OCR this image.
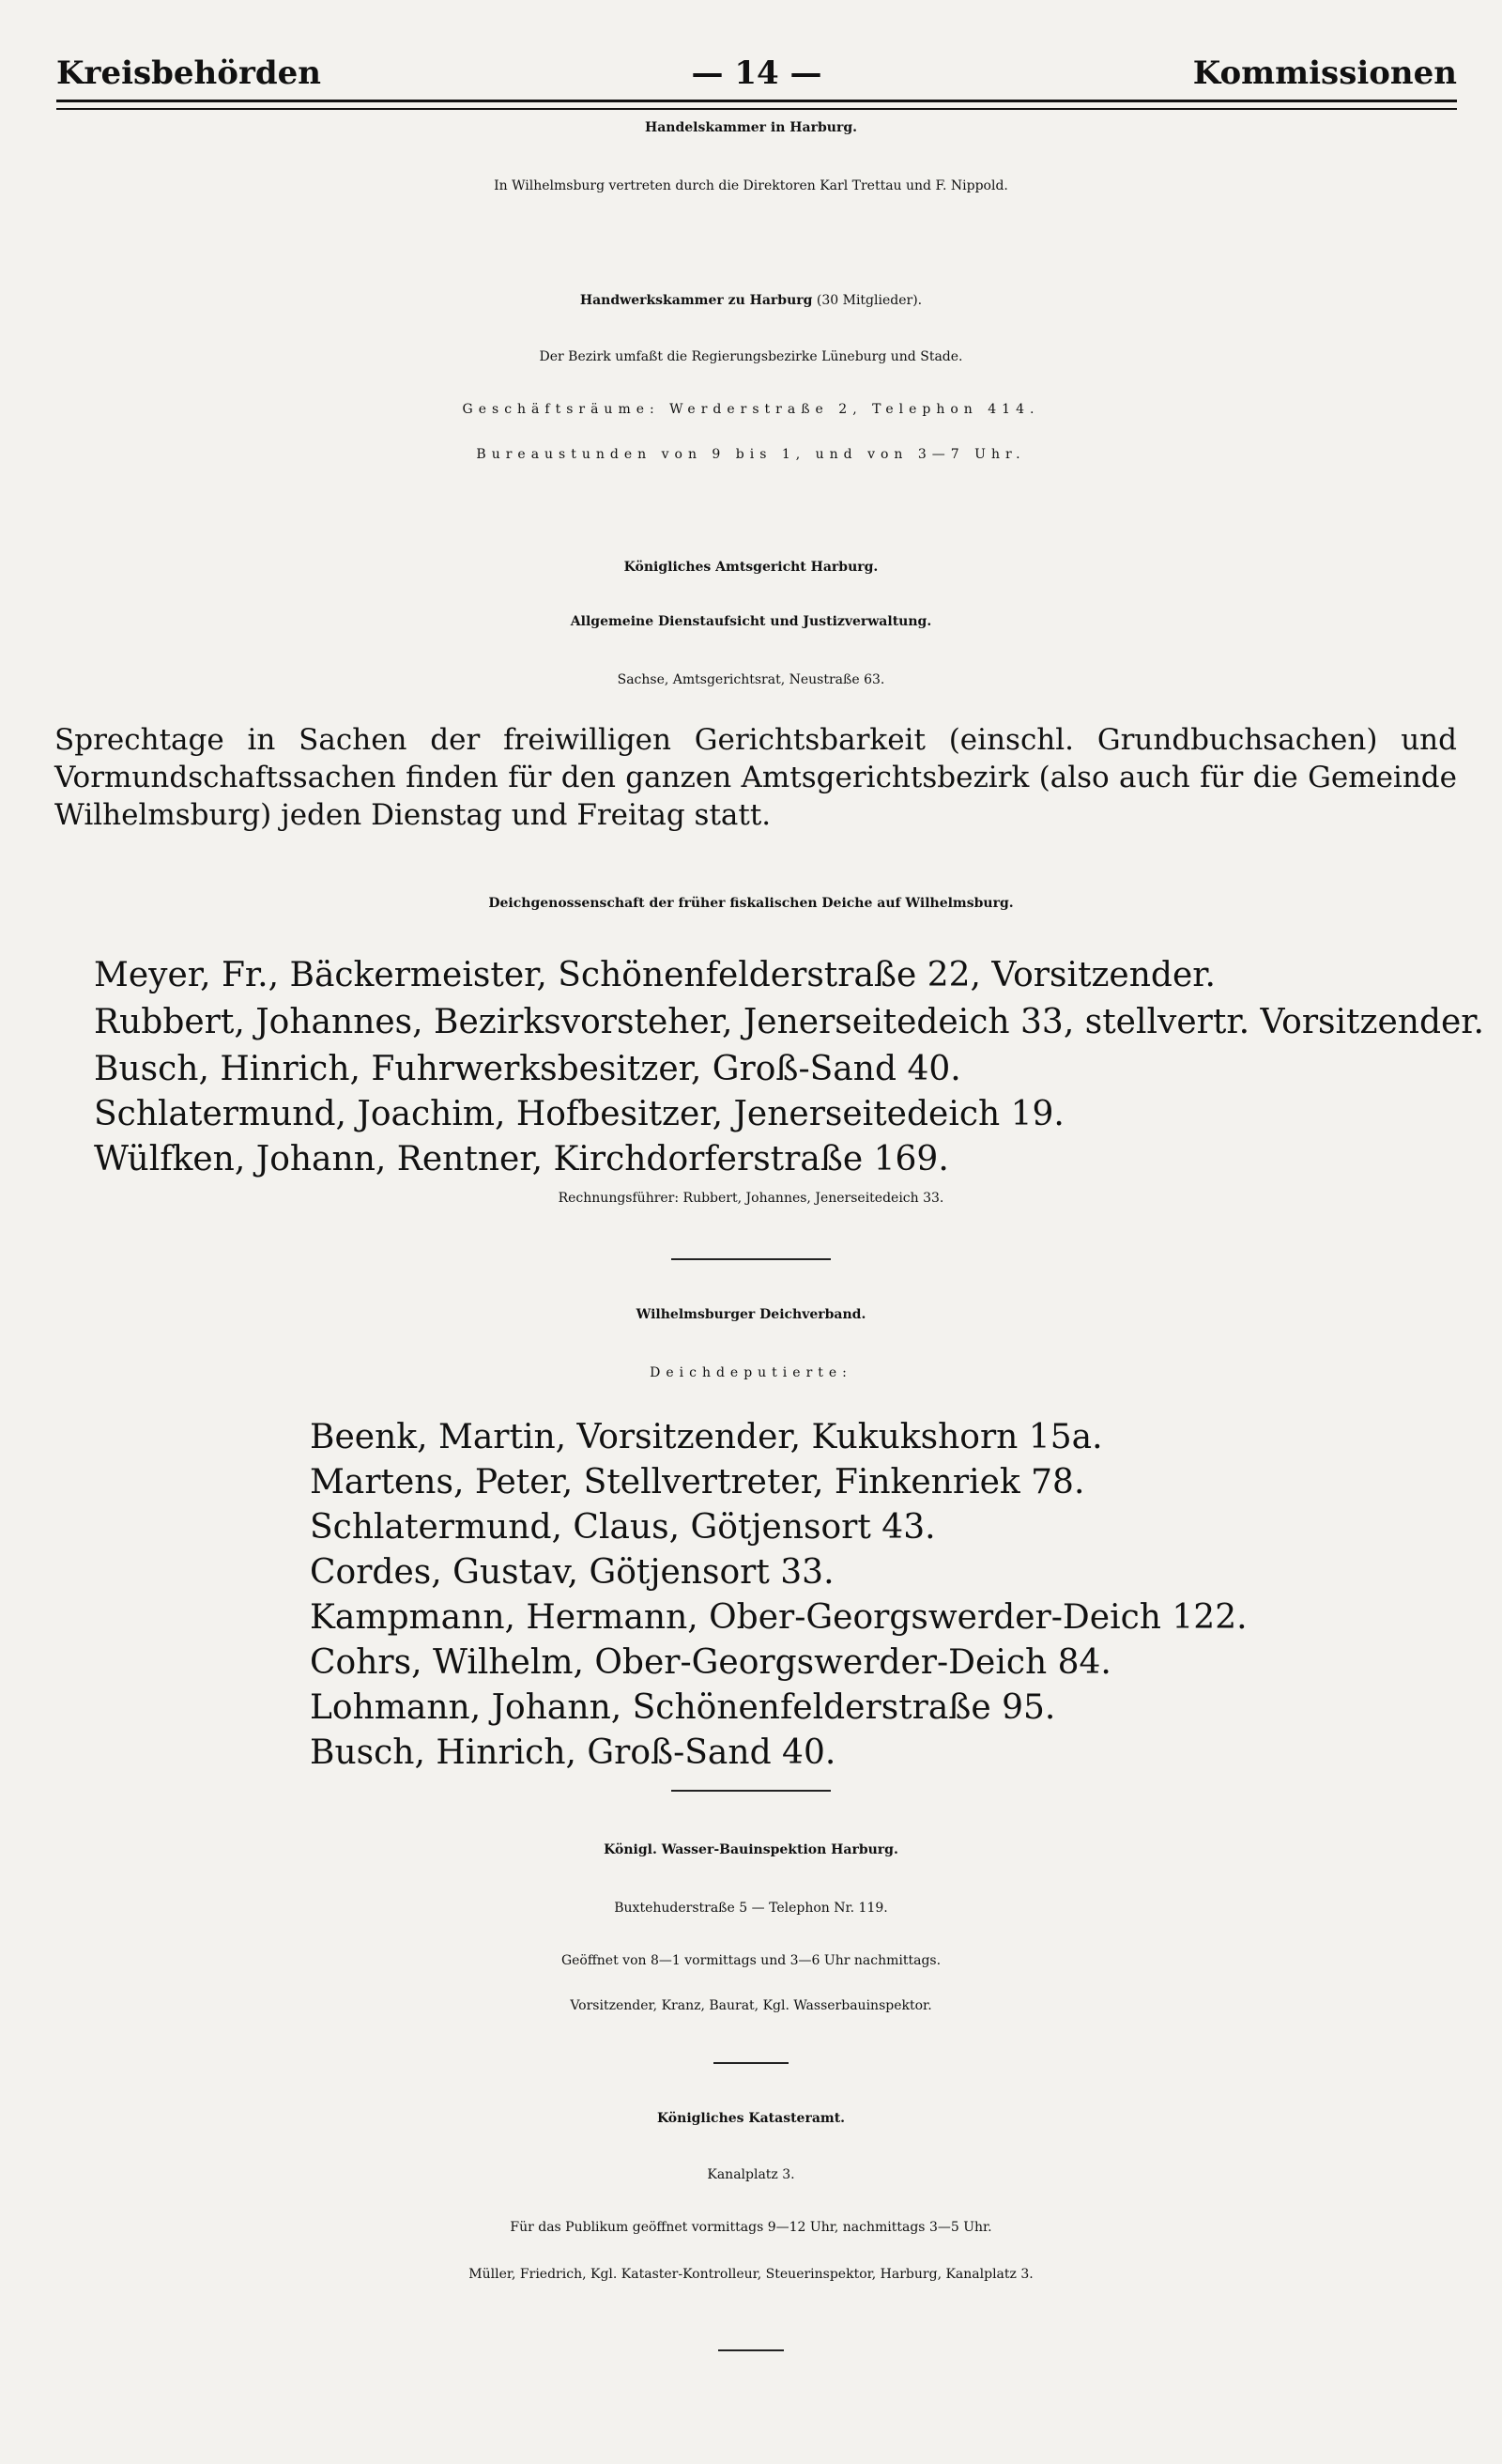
Kreisbehörden	— 14 —	Kommissionen
Handelskammer in Harburg.
In Wilhelmsburg vertreten durch die Direktoren Karl Trettau und F. Nippold.
Handwerkskammer zu Harburg (30 Mitglieder).
Der Bezirk umfaßt die Regierungsbezirke Lüneburg und Stade.
Geschäftsräume: Werderstraße 2, Telephon 414.
Bureaustunden von 9 bis 1, und von 3—7 Uhr.
Königliches Amtsgericht Harburg.
Allgemeine Dienstaufsicht und Justizverwaltung.
Sachse, Amtsgerichtsrat, Neustraße 63.
Sprechtage in Sachen der freiwilligen Gerichtsbarkeit (einschl. Grundbuchsachen) und Vormundschaftssachen finden für den ganzen Amtsgerichtsbezirk (also auch für die Gemeinde Wilhelmsburg) jeden Dienstag und Freitag statt.
Deichgenossenschaft der früher fiskalischen Deiche auf Wilhelmsburg.
Meyer, Fr., Bäckermeister, Schönenfelderstraße 22, Vorsitzender.
Rubbert, Johannes, Bezirksvorsteher, Jenerseitedeich 33, stellvertr. Vorsitzender.
Busch, Hinrich, Fuhrwerksbesitzer, Groß-Sand 40.
Schlatermund, Joachim, Hofbesitzer, Jenerseitedeich 19.
Wülfken, Johann, Rentner, Kirchdorferstraße 169.
Rechnungsführer: Rubbert, Johannes, Jenerseitedeich 33.
Wilhelmsburger Deichverband.
Deichdeputierte:
Beenk, Martin, Vorsitzender, Kukukshorn 15a.
Martens, Peter, Stellvertreter, Finkenriek 78.
Schlatermund, Claus, Götjensort 43.
Cordes, Gustav, Götjensort 33.
Kampmann, Hermann, Ober-Georgswerder-Deich 122.
Cohrs, Wilhelm, Ober-Georgswerder-Deich 84.
Lohmann, Johann, Schönenfelderstraße 95.
Busch, Hinrich, Groß-Sand 40.
Königl. Wasser-Bauinspektion Harburg.
Buxtehuderstraße 5 — Telephon Nr. 119.
Geöffnet von 8—1 vormittags und 3—6 Uhr nachmittags.
Vorsitzender, Kranz, Baurat, Kgl. Wasserbauinspektor.
Königliches Katasteramt.
Kanalplatz 3.
Für das Publikum geöffnet vormittags 9—12 Uhr, nachmittags 3—5 Uhr.
Müller, Friedrich, Kgl. Kataster-Kontrolleur, Steuerinspektor, Harburg, Kanalplatz 3.
